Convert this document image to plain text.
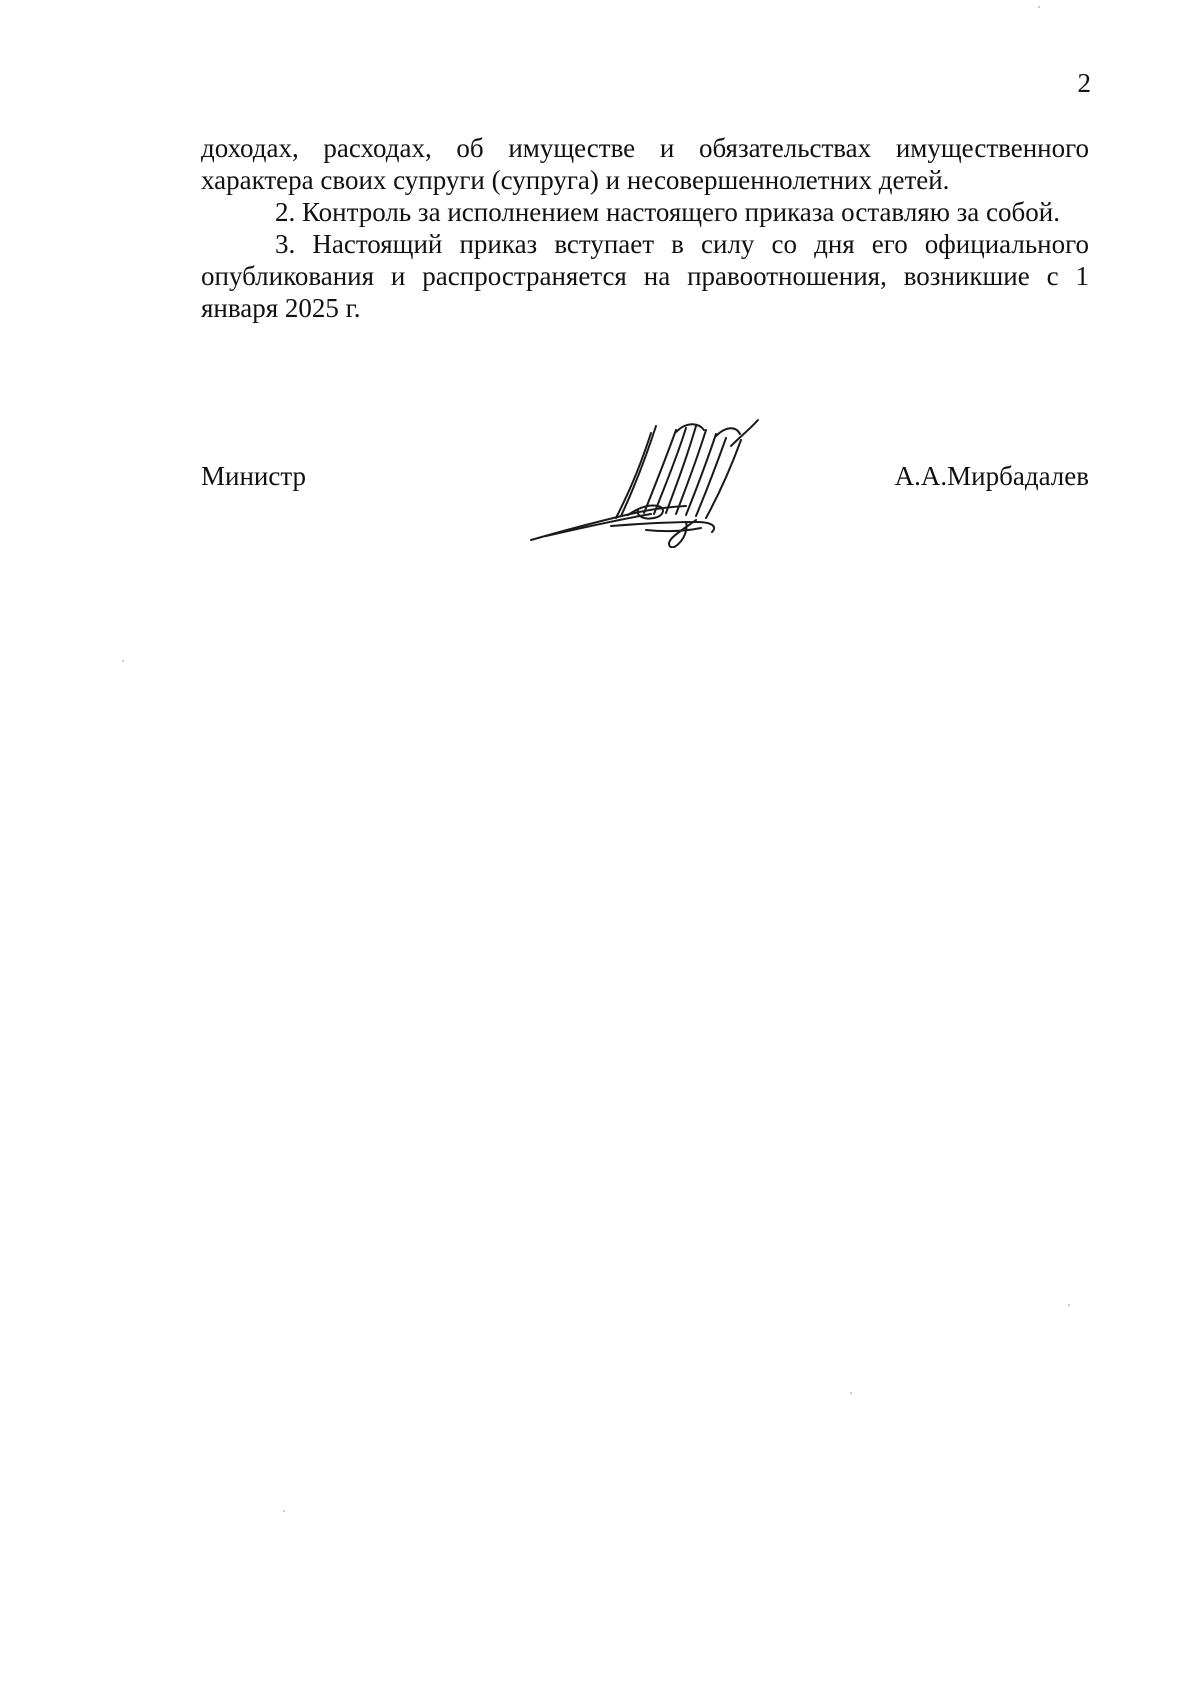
2

доходах, расходах, об имуществе и обязательствах имущественного характера своих супруги (супруга) и несовершеннолетних детей.

2. Контроль за исполнением настоящего приказа оставляю за собой.

3. Настоящий приказ вступает в силу со дня его официального опубликования и распространяется на правоотношения, возникшие с 1 января 2025 г.

Министр	А.А.Мирбадалев
